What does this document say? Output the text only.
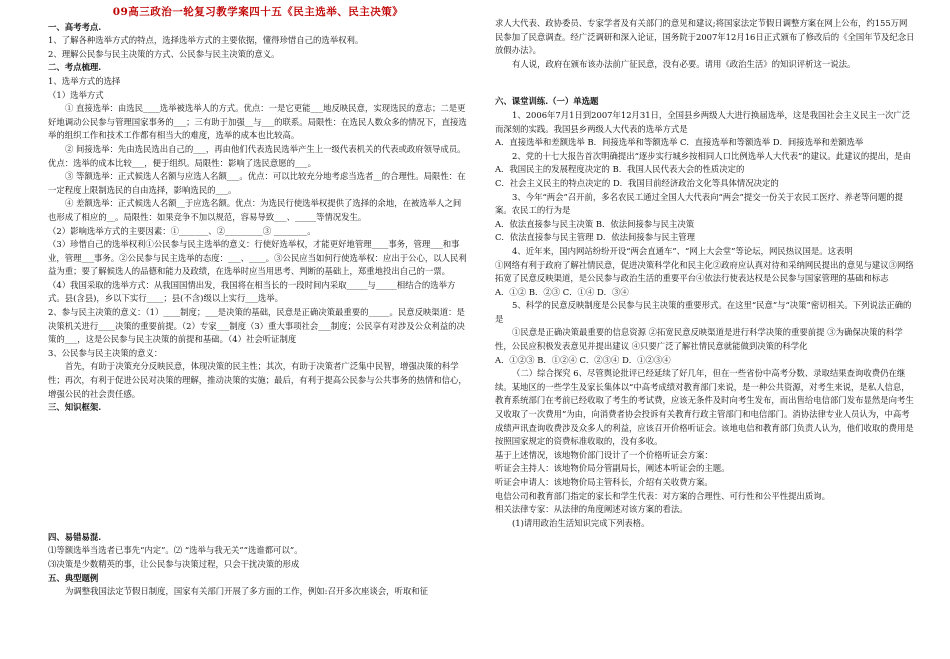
09高三政治一轮复习教学案四十五《民主选举、民主决策》

一、高考考点.

1、了解各种选举方式的特点，选择选举方式的主要依据，懂得珍惜自己的选举权利。

2、理解公民参与民主决策的方式、公民参与民主决策的意义。

二、考点梳理.

1、选举方式的选择

（1）选举方式

① 直接选举：由选民____选举被选举人的方式。优点：一是它更能___地反映民意，实现选民的意志；二是更好地调动公民参与管理国家事务的___；三有助于加强__与___的联系。局限性：在选民人数众多的情况下，直接选举的组织工作和技术工作都有相当大的难度，选举的成本也比较高。

② 间接选举：先由选民选出自己的___，再由他们代表选民选举产生上一级代表机关的代表或政府领导成员。优点：选举的成本比较___，便于组织。局限性：影响了选民意愿的___。

③ 等额选举：正式候选人名额与应选人名额___。优点：可以比较充分地考虑当选者__的合理性。局限性：在一定程度上限制选民的自由选择，影响选民的___。

④ 差额选举：正式候选人名额__于应选名额。优点：为选民行使选举权提供了选择的余地，在被选举人之间也形成了相应的__。局限性：如果竞争不加以规范，容易导致___、_____等情况发生。

（2）影响选举方式的主要因素：①_______、②_________③ ________。

（3）珍惜自己的选举权利①公民参与民主选举的意义：行使好选举权，才能更好地管理____事务，管理___和事业，管理___事务。②公民参与民主选举的态度：___、____。③公民应当如何行使选举权：应出于公心，以人民利益为重；要了解候选人的品德和能力及政绩，在选举时应当用思考、判断的基础上，郑重地投出自己的一票。

（4）我国采取的选举方式：从我国国情出发，我国将在相当长的一段时间内采取_____与_____相结合的选举方式。县(含县)，乡以下实行____；县(不含)级以上实行___选举。

2、参与民主决策的意义：（1）____制度；___是决策的基础，民意是正确决策最重要的_____。民意反映渠道：是决策机关进行____决策的重要前提。（2）专家___制度（3）重大事项社会___制度；公民享有对涉及公众利益的决策的___，这是公民参与民主决策的前提和基础。（4）社会听证制度

3、公民参与民主决策的意义：

首先，有助于决策充分反映民意，体现决策的民主性；其次，有助于决策者广泛集中民智，增强决策的科学性；再次，有利于促进公民对决策的理解，推动决策的实施；最后，有利于提高公民参与公共事务的热情和信心，增强公民的社会责任感。

三、知识框架.

四、易错易混.

⑴等额选举当选者已事先“内定”。⑵ “选举与我无关”“选谁都可以”。

⑶决策是少数精英的事，让公民参与决策过程，只会干扰决策的形成

五、典型题例

为调整我国法定节假日制度，国家有关部门开展了多方面的工作，例如:召开多次座谈会，听取和征

求人大代表、政协委员、专家学者及有关部门的意见和建议;将国家法定节假日调整方案在网上公布，约155万网民参加了民意调查。经广泛调研和深入论证，国务院于2007年12月16日正式颁布了修改后的《全国年节及纪念日放假办法》。

有人说，政府在颁布该办法前广征民意，没有必要。请用《政治生活》的知识评析这一说法。

六、课堂训练.（一）单选题

1、2006年7月1日到2007年12月31日，全国县乡两级人大进行换届选举，这是我国社会主义民主一次广泛而深刻的实践。我国县乡两级人大代表的选举方式是

A．直接选举和差额选举 B．间接选举和等额选举 C．直接选举和等额选举 D．间接选举和差额选举

2、党的十七大报告首次明确提出“逐步实行城乡按相同人口比例选举人大代表”的建议。此建议的提出，是由

A．我国民主的发展程度决定的 B．我国人民代表大会的性质决定的

C．社会主义民主的特点决定的 D．我国目前经济政治文化等具体情况决定的

3、今年“两会”召开前，多名农民工通过全国人大代表向“两会”提交一份关于农民工医疗、养老等问题的提案。农民工的行为是

A．依法直接参与民主决策 B．依法间接参与民主决策

C．依法直接参与民主管理 D．依法间接参与民主管理

4、近年来，国内网站纷纷开设“两会直通车”、“网上大会堂”等论坛，网民热议国是。这表明

①网络有利于政府了解社情民意，促进决策科学化和民主化②政府应认真对待和采纳网民提出的意见与建议③网络拓宽了民意反映渠道，是公民参与政治生活的重要平台④依法行使表达权是公民参与国家管理的基础和标志

A．①② B．②③ C．①④ D．③④

5、科学的民意反映制度是公民参与民主决策的重要形式。在这里“民意”与“决策”密切相关。下列说法正确的是

①民意是正确决策最重要的信息资源 ②拓宽民意反映渠道是进行科学决策的重要前提 ③为确保决策的科学性，公民应积极发表意见并提出建议 ④只要广泛了解社情民意就能做到决策的科学化

A．①②③ B．①②④ C．②③④ D．①②③④

（二）综合探究 6、尽管舆论批评已经延续了好几年，但在一些省份中高考分数、录取结果查询收费仍在继续。某地区的一些学生及家长集体以“中高考成绩对教育部门来说，是一种公共资源，对考生来说，是私人信息，教育系统部门在考前已经收取了考生的考试费，应该无条件及时向考生发布，而出售给电信部门发布显然是向考生又收取了一次费用”为由，向消费者协会投诉有关教育行政主管部门和电信部门。消协法律专业人员认为，中高考成绩声讯查询收费涉及众多人的利益，应该召开价格听证会。该地电信和教育部门负责人认为，他们收取的费用是按照国家规定的资费标准收取的，没有多收。

基于上述情况，该地物价部门设计了一个价格听证会方案：

听证会主持人：该地物价局分管副局长，阐述本听证会的主题。

听证会申请人：该地物价局主管科长，介绍有关收费方案。

电信公司和教育部门指定的家长和学生代表：对方案的合理性、可行性和公平性提出质询。

相关法律专家：从法律的角度阐述对该方案的看法。

(1)请用政治生活知识完成下列表格。
